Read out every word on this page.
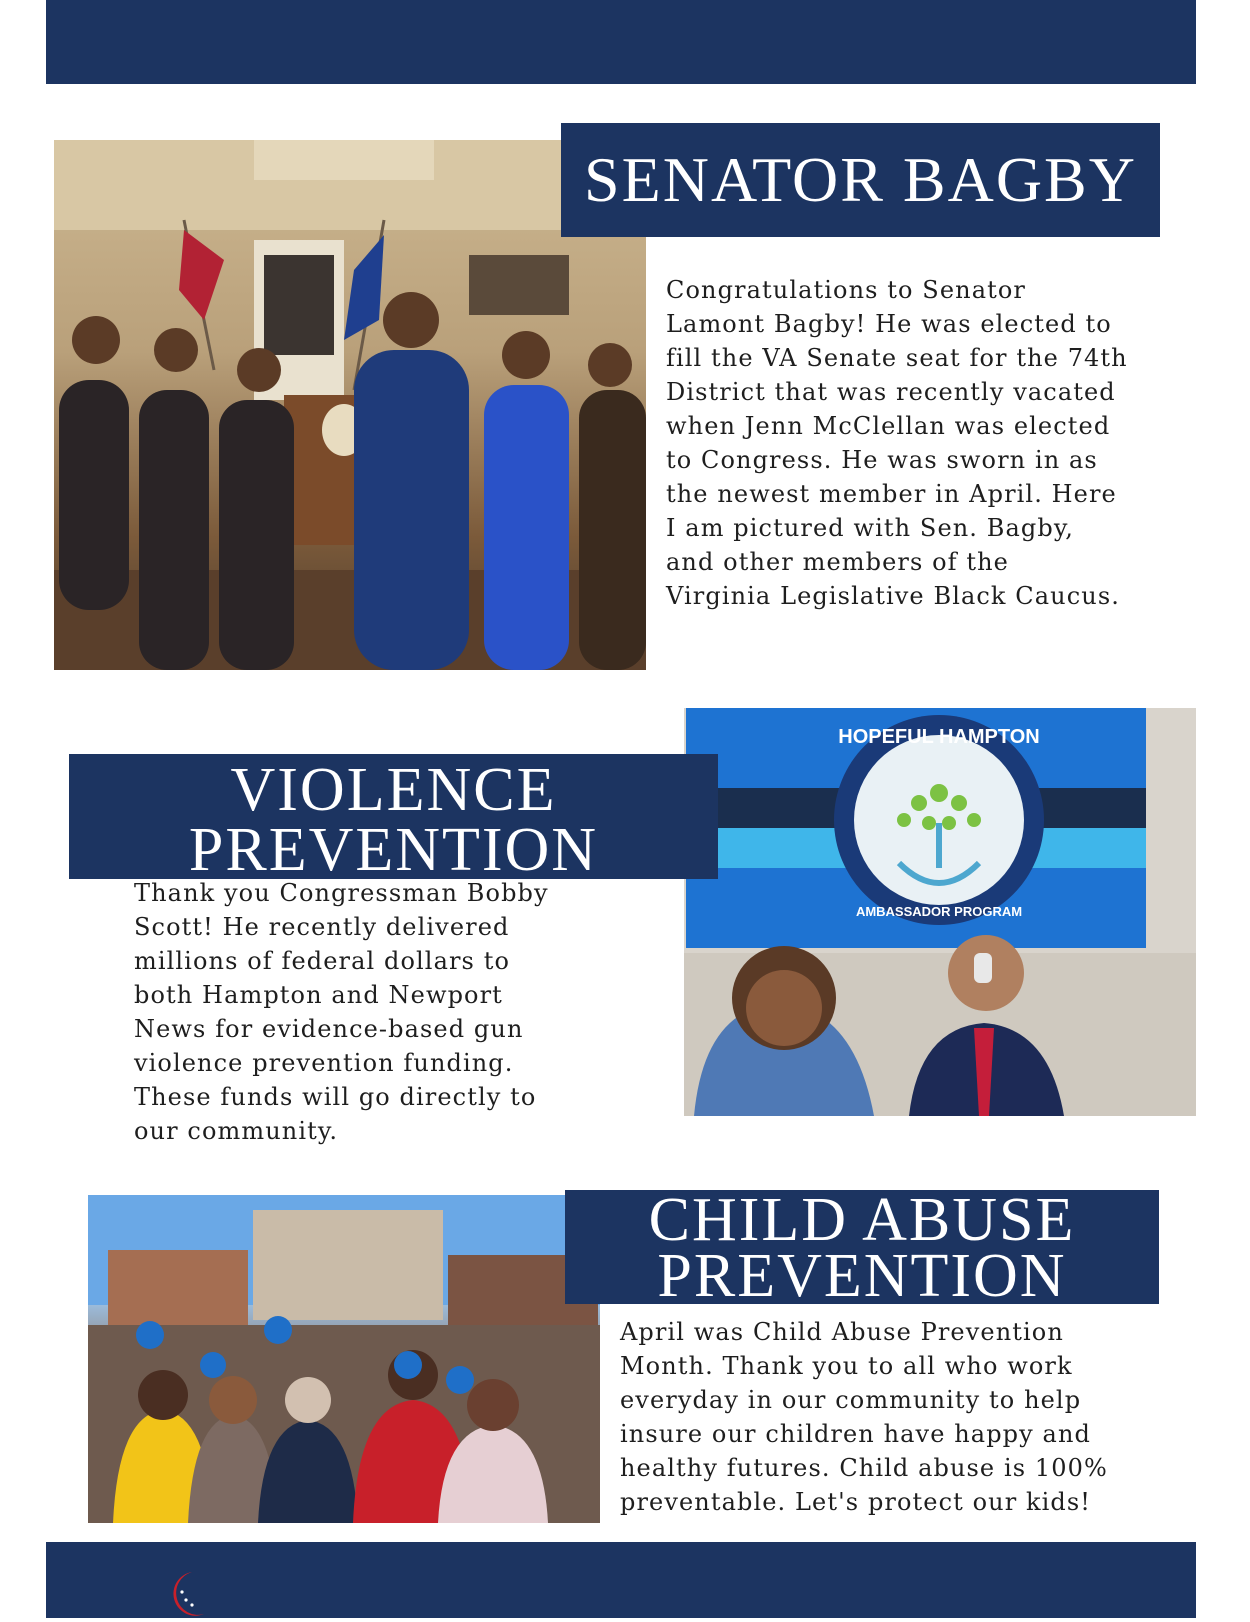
SENATOR BAGBY
Congratulations to Senator
Lamont Bagby! He was elected to
fill the VA Senate seat for the 74th
District that was recently vacated
when Jenn McClellan was elected
to Congress. He was sworn in as
the newest member in April. Here
I am pictured with Sen. Bagby,
and other members of the
Virginia Legislative Black Caucus.
HOPEFUL HAMPTON
AMBASSADOR PROGRAM
VIOLENCE
PREVENTION
Thank you Congressman Bobby
Scott! He recently delivered
millions of federal dollars to
both Hampton and Newport
News for evidence-based gun
violence prevention funding.
These funds will go directly to
our community.
CHILD ABUSE
PREVENTION
April was Child Abuse Prevention
Month. Thank you to all who work
everyday in our community to help
insure our children have happy and
healthy futures. Child abuse is 100%
preventable. Let's protect our kids!
